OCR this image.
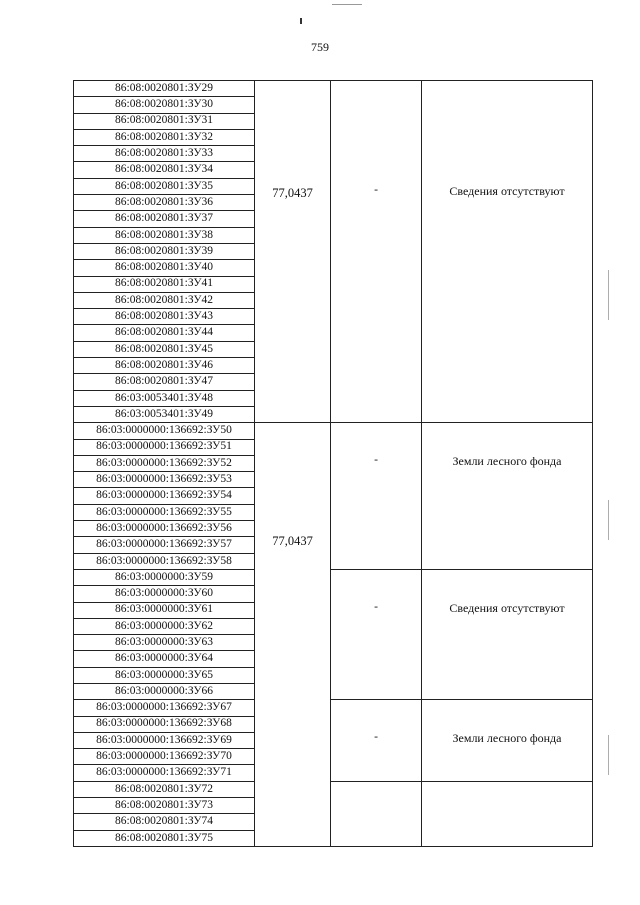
759
86:08:0020801:ЗУ29	77,0437	-	Сведения отсутствуют
86:08:0020801:ЗУ30			
86:08:0020801:ЗУ31			
86:08:0020801:ЗУ32			
86:08:0020801:ЗУ33			
86:08:0020801:ЗУ34			
86:08:0020801:ЗУ35			
86:08:0020801:ЗУ36			
86:08:0020801:ЗУ37			
86:08:0020801:ЗУ38			
86:08:0020801:ЗУ39			
86:08:0020801:ЗУ40			
86:08:0020801:ЗУ41			
86:08:0020801:ЗУ42			
86:08:0020801:ЗУ43			
86:08:0020801:ЗУ44			
86:08:0020801:ЗУ45			
86:08:0020801:ЗУ46			
86:08:0020801:ЗУ47			
86:03:0053401:ЗУ48			
86:03:0053401:ЗУ49			
86:03:0000000:136692:ЗУ50	77,0437	-	Земли лесного фонда
86:03:0000000:136692:ЗУ51			
86:03:0000000:136692:ЗУ52			
86:03:0000000:136692:ЗУ53			
86:03:0000000:136692:ЗУ54			
86:03:0000000:136692:ЗУ55			
86:03:0000000:136692:ЗУ56			
86:03:0000000:136692:ЗУ57			
86:03:0000000:136692:ЗУ58			
86:03:0000000:ЗУ59		-	Сведения отсутствуют
86:03:0000000:ЗУ60			
86:03:0000000:ЗУ61			
86:03:0000000:ЗУ62			
86:03:0000000:ЗУ63			
86:03:0000000:ЗУ64			
86:03:0000000:ЗУ65			
86:03:0000000:ЗУ66			
86:03:0000000:136692:ЗУ67		-	Земли лесного фонда
86:03:0000000:136692:ЗУ68			
86:03:0000000:136692:ЗУ69			
86:03:0000000:136692:ЗУ70			
86:03:0000000:136692:ЗУ71			
86:08:0020801:ЗУ72			
86:08:0020801:ЗУ73			
86:08:0020801:ЗУ74			
86:08:0020801:ЗУ75			
